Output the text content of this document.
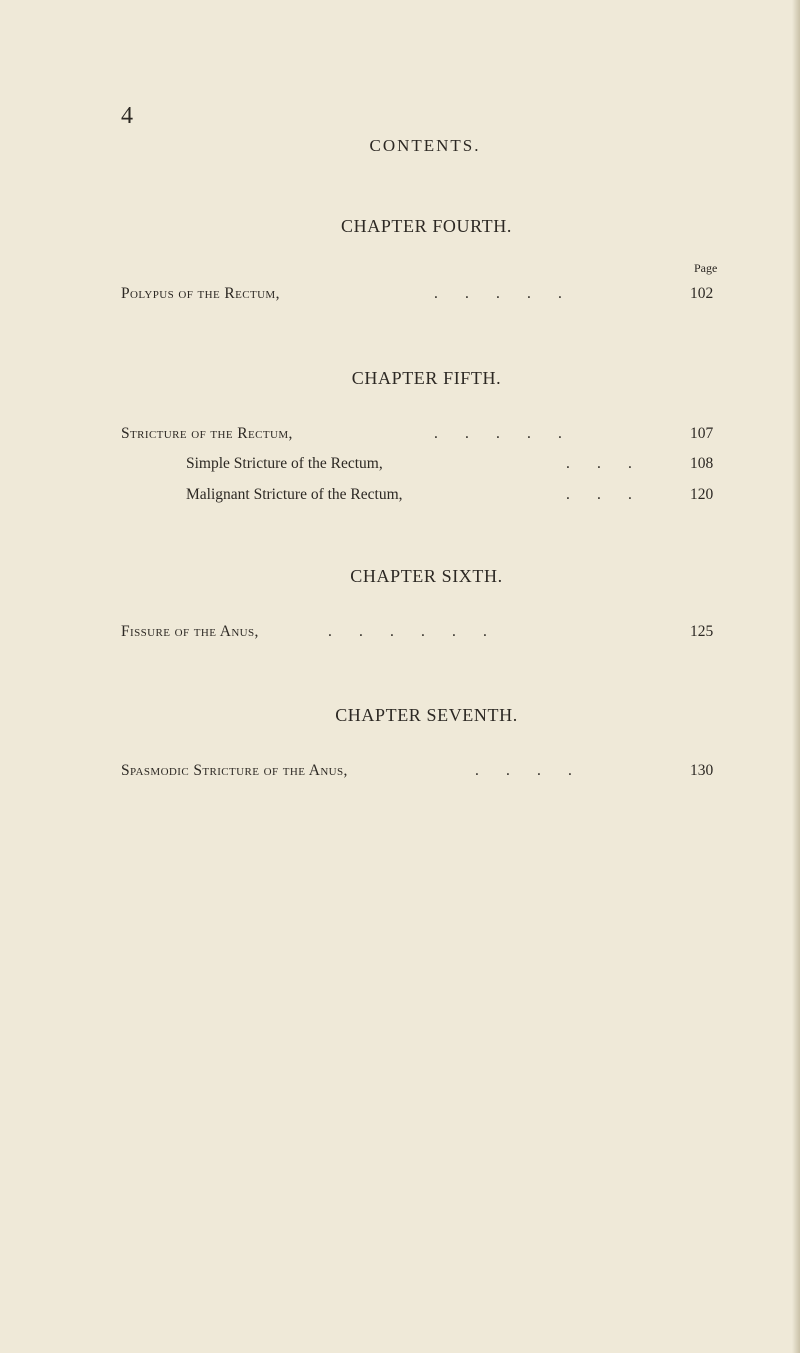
4
CONTENTS.
CHAPTER FOURTH.
Page
Polypus of the Rectum,	.       .       .       .       .	102
CHAPTER FIFTH.
Stricture of the Rectum,	.       .       .       .       .	107
Simple Stricture of the Rectum,	.       .       .	108
Malignant Stricture of the Rectum,	.       .       .	120
CHAPTER SIXTH.
Fissure of the Anus,	.       .       .       .       .       .	125
CHAPTER SEVENTH.
Spasmodic Stricture of the Anus,	.       .       .       .	130
